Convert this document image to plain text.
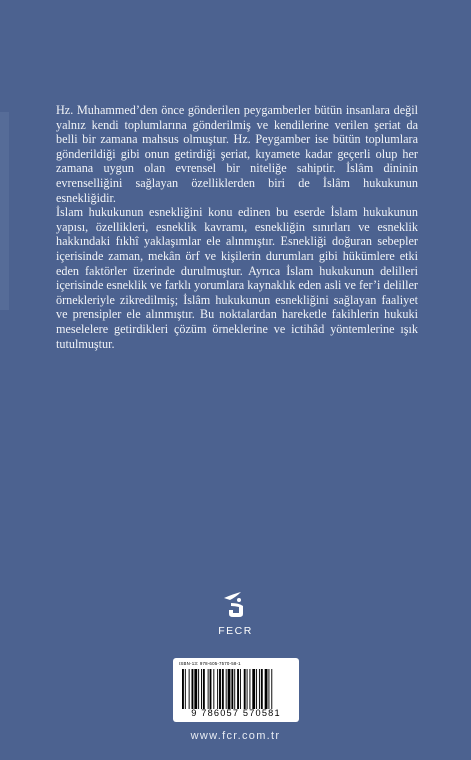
Hz. Muhammed’den önce gönderilen peygamberler bütün insanlara değil yalnız kendi toplumlarına gönderilmiş ve kendilerine verilen şeriat da belli bir zamana mahsus olmuştur. Hz. Peygamber ise bütün toplumlara gönderildiği gibi onun getirdiği şeriat, kıyamete kadar geçerli olup her zamana uygun olan evrensel bir niteliğe sahiptir. İslâm dininin evrenselliğini sağlayan özelliklerden biri de İslâm hukukunun esnekliğidir.

İslam hukukunun esnekliğini konu edinen bu eserde İslam hukukunun yapısı, özellikleri, esneklik kavramı, esnekliğin sınırları ve esneklik hakkındaki fıkhî yaklaşımlar ele alınmıştır. Esnekliği doğuran sebepler içerisinde zaman, mekân örf ve kişilerin durumları gibi hükümlere etki eden faktörler üzerinde durulmuştur. Ayrıca İslam hukukunun delilleri içerisinde esneklik ve farklı yorumlara kaynaklık eden asli ve fer’i deliller örnekleriyle zikredilmiş; İslâm hukukunun esnekliğini sağlayan faaliyet ve prensipler ele alınmıştır. Bu noktalardan hareketle fakihlerin hukuki meselelere getirdikleri çözüm örneklerine ve ictihâd yöntemlerine ışık tutulmuştur.

FECR
ISBN-13: 978-605-7570-58-1
9 786057 570581
www.fcr.com.tr
